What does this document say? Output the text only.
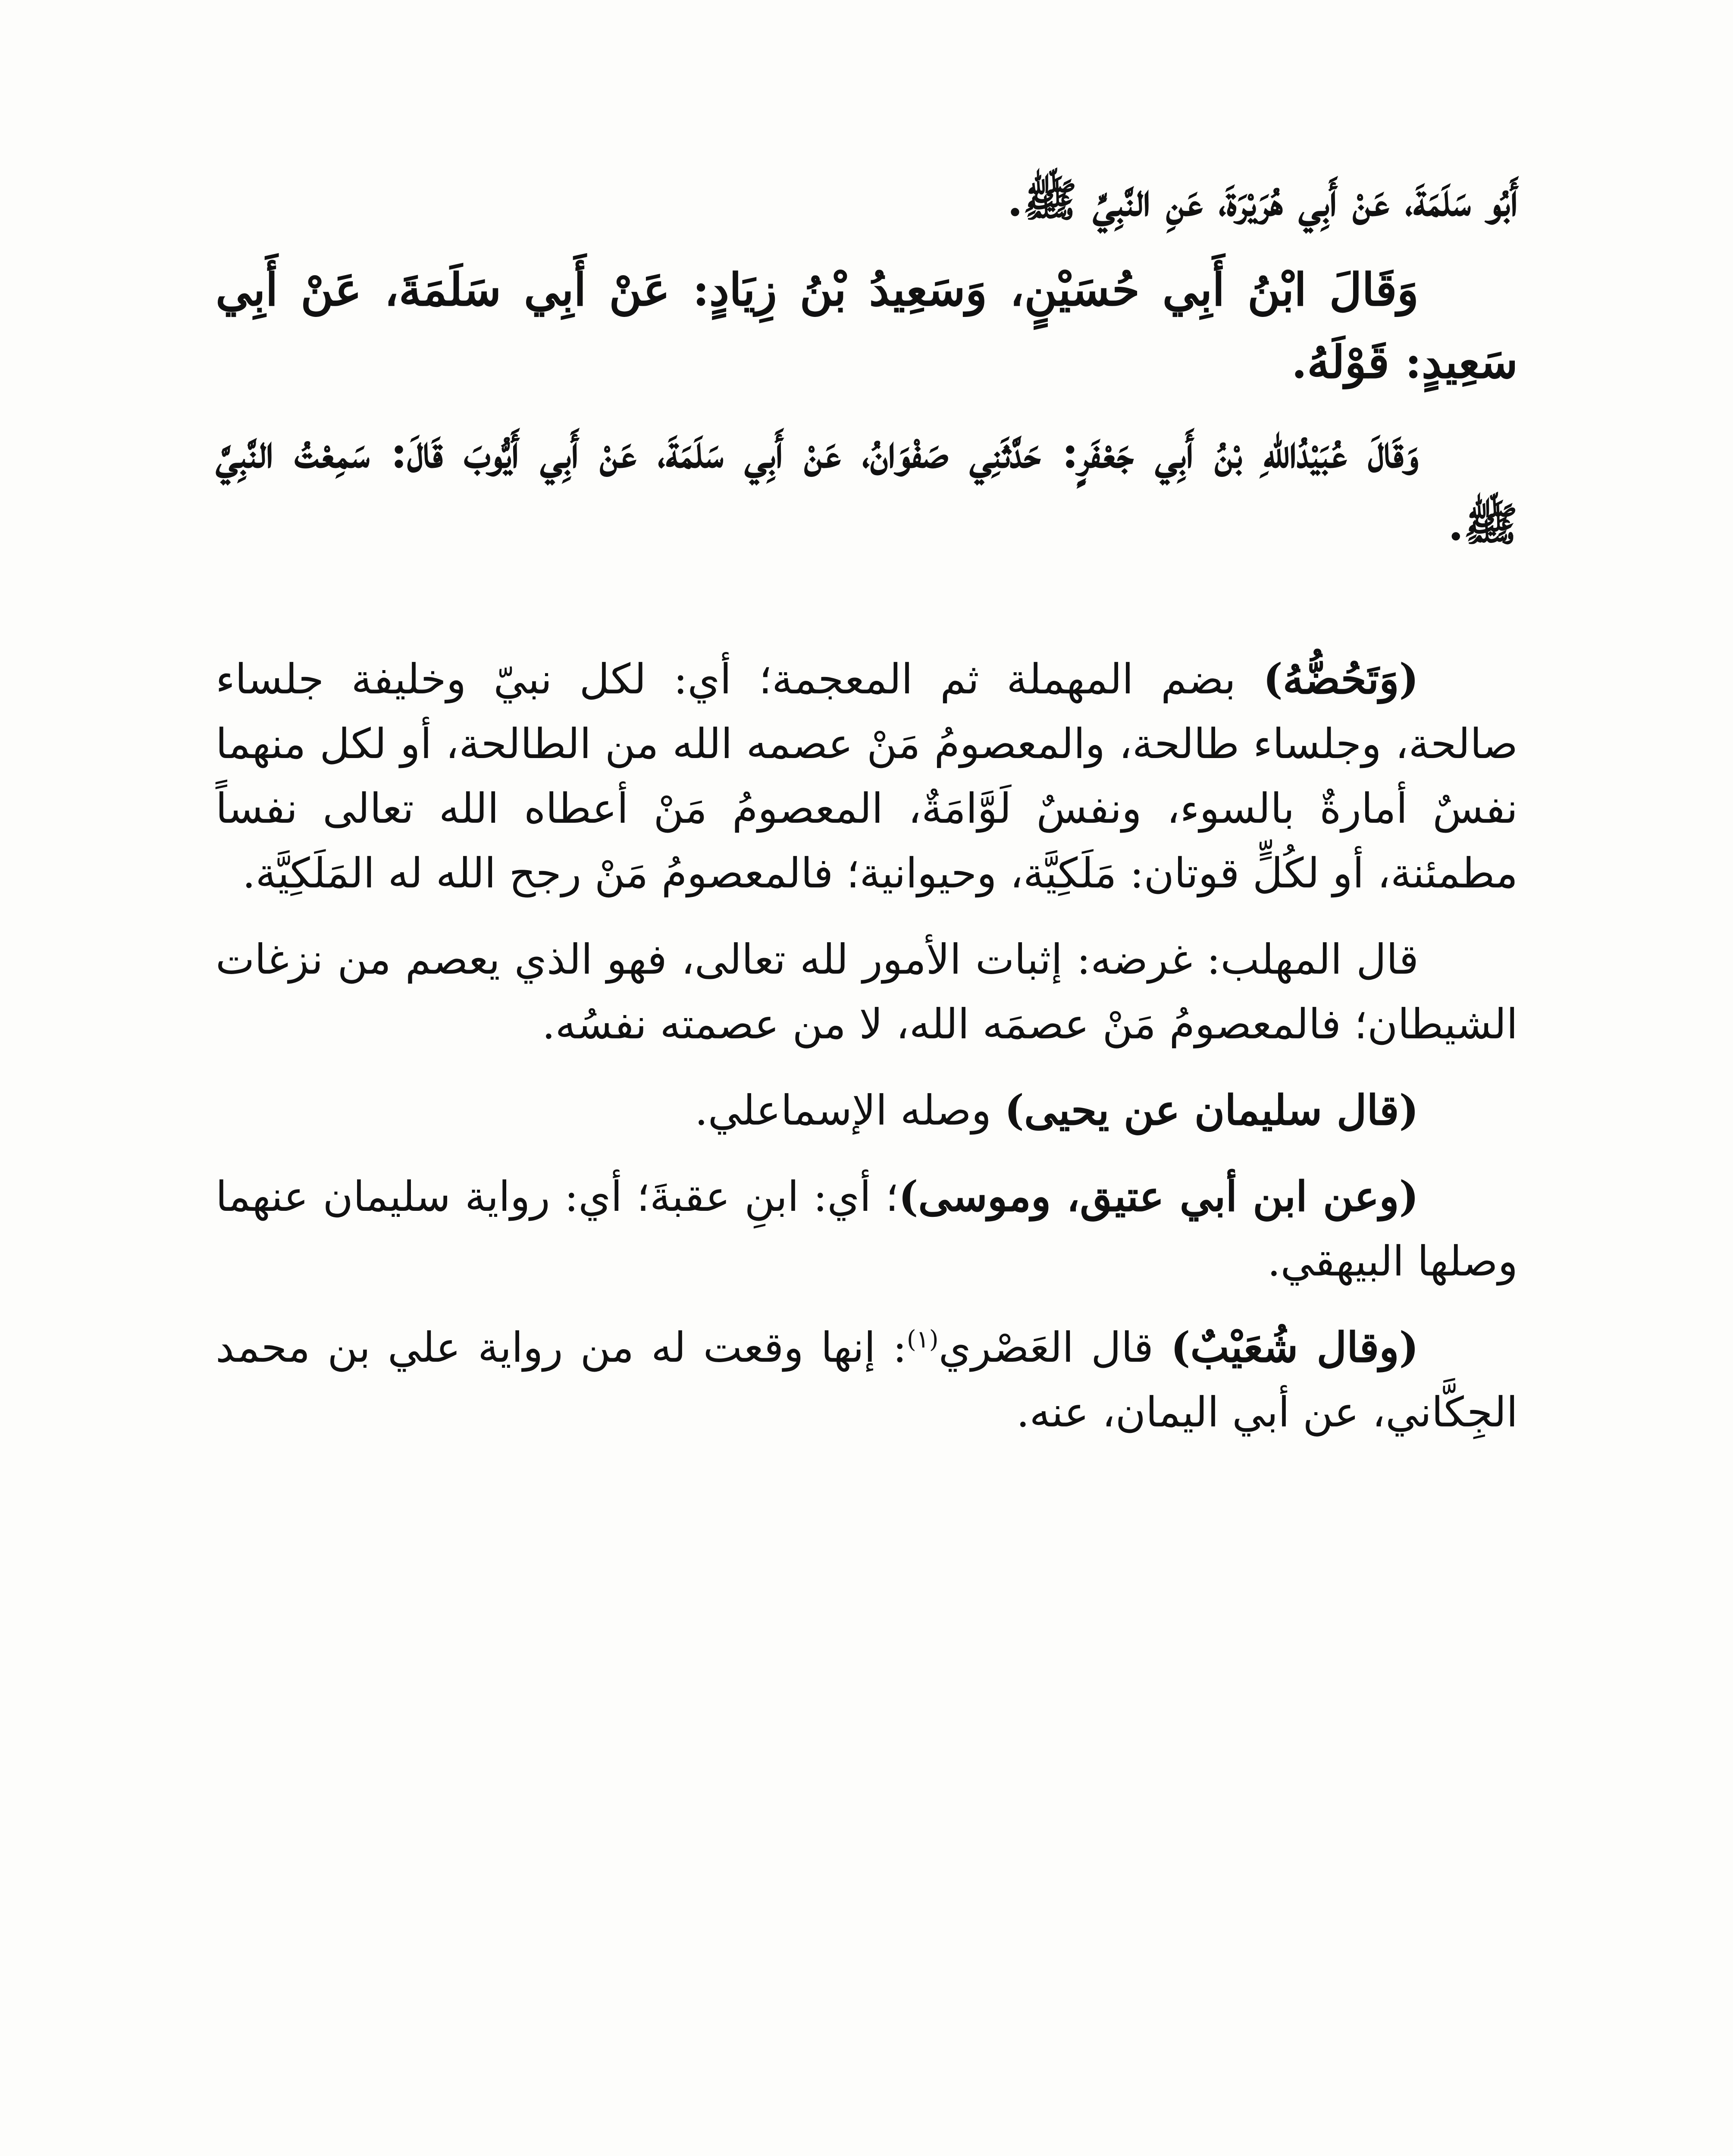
أَبُو سَلَمَةَ، عَنْ أَبِي هُرَيْرَةَ، عَنِ النَّبِيِّ ﷺ.

وَقَالَ ابْنُ أَبِي حُسَيْنٍ، وَسَعِيدُ بْنُ زِيَادٍ: عَنْ أَبِي سَلَمَةَ، عَنْ أَبِي سَعِيدٍ: قَوْلَهُ.

وَقَالَ عُبَيْدُاللهِ بْنُ أَبِي جَعْفَرٍ: حَدَّثَنِي صَفْوَانُ، عَنْ أَبِي سَلَمَةَ، عَنْ أَبِي أَيُّوبَ قَالَ: سَمِعْتُ النَّبِيَّ ﷺ.

(وَتَحُضُّهُ) بضم المهملة ثم المعجمة؛ أي: لكل نبيّ وخليفة جلساء صالحة، وجلساء طالحة، والمعصومُ مَنْ عصمه الله من الطالحة، أو لكل منهما نفسٌ أمارةٌ بالسوء، ونفسٌ لَوَّامَةٌ، المعصومُ مَنْ أعطاه الله تعالى نفساً مطمئنة، أو لكُلٍّ قوتان: مَلَكِيَّة، وحيوانية؛ فالمعصومُ مَنْ رجح الله له المَلَكِيَّة.

قال المهلب: غرضه: إثبات الأمور لله تعالى، فهو الذي يعصم من نزغات الشيطان؛ فالمعصومُ مَنْ عصمَه الله، لا من عصمته نفسُه.

(قال سليمان عن يحيى) وصله الإسماعلي.

(وعن ابن أبي عتيق، وموسى)؛ أي: ابنِ عقبةَ؛ أي: رواية سليمان عنهما وصلها البيهقي.

(وقال شُعَيْبٌ) قال العَصْري$^{(١)}$: إنها وقعت له من رواية علي بن محمد الجِكَّاني، عن أبي اليمان، عنه.
